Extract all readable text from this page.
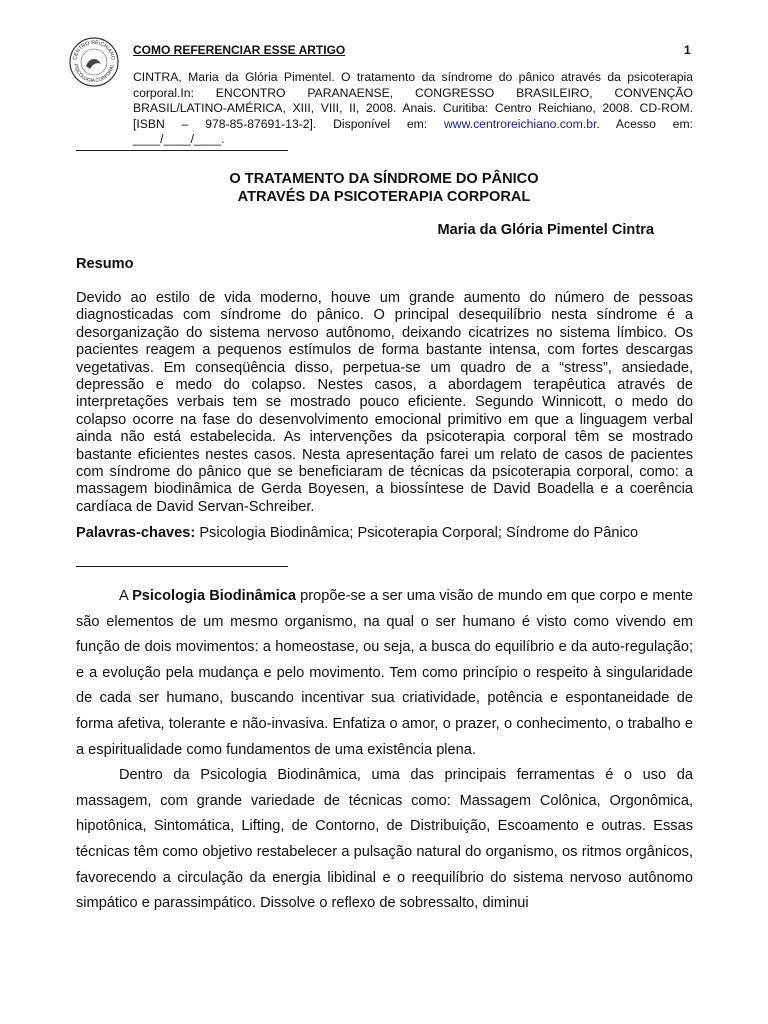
CENTRO REICHIANO
PSICOLOGIA CORPORAL
COMO REFERENCIAR ESSE ARTIGO	1
CINTRA, Maria da Glória Pimentel. O tratamento da síndrome do pânico através da psicoterapia corporal.In: ENCONTRO PARANAENSE, CONGRESSO BRASILEIRO, CONVENÇÃO BRASIL/LATINO-AMÉRICA, XIII, VIII, II, 2008. Anais. Curitiba: Centro Reichiano, 2008. CD-ROM. [ISBN – 978-85-87691-13-2]. Disponível em: www.centroreichiano.com.br. Acesso em: ____/____/____.
O TRATAMENTO DA SÍNDROME DO PÂNICO
ATRAVÉS DA PSICOTERAPIA CORPORAL
Maria da Glória Pimentel Cintra
Resumo
Devido ao estilo de vida moderno, houve um grande aumento do número de pessoas diagnosticadas com síndrome do pânico. O principal desequilíbrio nesta síndrome é a desorganização do sistema nervoso autônomo, deixando cicatrizes no sistema límbico. Os pacientes reagem a pequenos estímulos de forma bastante intensa, com fortes descargas vegetativas. Em conseqüência disso, perpetua-se um quadro de a “stress”, ansiedade, depressão e medo do colapso. Nestes casos, a abordagem terapêutica através de interpretações verbais tem se mostrado pouco eficiente. Segundo Winnicott, o medo do colapso ocorre na fase do desenvolvimento emocional primitivo em que a linguagem verbal ainda não está estabelecida. As intervenções da psicoterapia corporal têm se mostrado bastante eficientes nestes casos. Nesta apresentação farei um relato de casos de pacientes com síndrome do pânico que se beneficiaram de técnicas da psicoterapia corporal, como: a massagem biodinâmica de Gerda Boyesen, a biossíntese de David Boadella e a coerência cardíaca de David Servan-Schreiber.
Palavras-chaves: Psicologia Biodinâmica; Psicoterapia Corporal; Síndrome do Pânico

A Psicologia Biodinâmica propõe-se a ser uma visão de mundo em que corpo e mente são elementos de um mesmo organismo, na qual o ser humano é visto como vivendo em função de dois movimentos: a homeostase, ou seja, a busca do equilíbrio e da auto-regulação; e a evolução pela mudança e pelo movimento. Tem como princípio o respeito à singularidade de cada ser humano, buscando incentivar sua criatividade, potência e espontaneidade de forma afetiva, tolerante e não-invasiva. Enfatiza o amor, o prazer, o conhecimento, o trabalho e a espiritualidade como fundamentos de uma existência plena.

Dentro da Psicologia Biodinâmica, uma das principais ferramentas é o uso da massagem, com grande variedade de técnicas como: Massagem Colônica, Orgonômica, hipotônica, Sintomática, Lifting, de Contorno, de Distribuição, Escoamento e outras. Essas técnicas têm como objetivo restabelecer a pulsação natural do organismo, os ritmos orgânicos, favorecendo a circulação da energia libidinal e o reequilíbrio do sistema nervoso autônomo simpático e parassimpático. Dissolve o reflexo de sobressalto, diminui
